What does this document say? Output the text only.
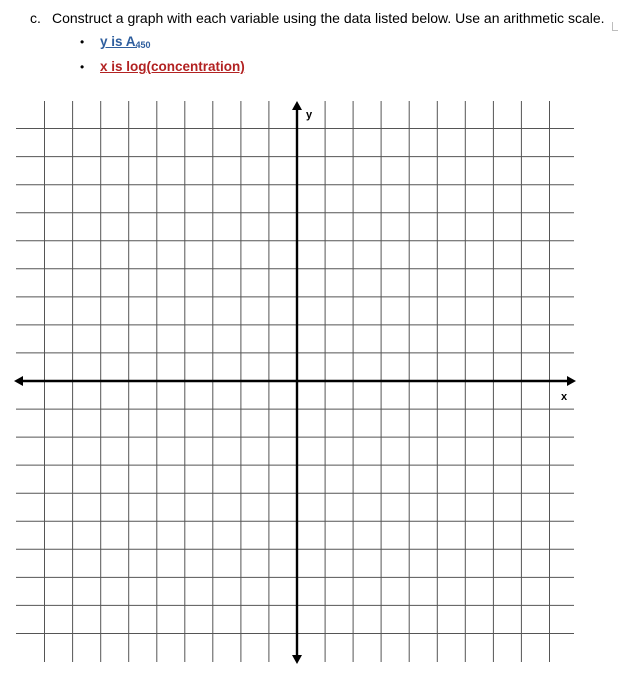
c. Construct a graph with each variable using the data listed below. Use an arithmetic scale.
•	y is $A_{450}$
•	x is log(concentration)
y
x
